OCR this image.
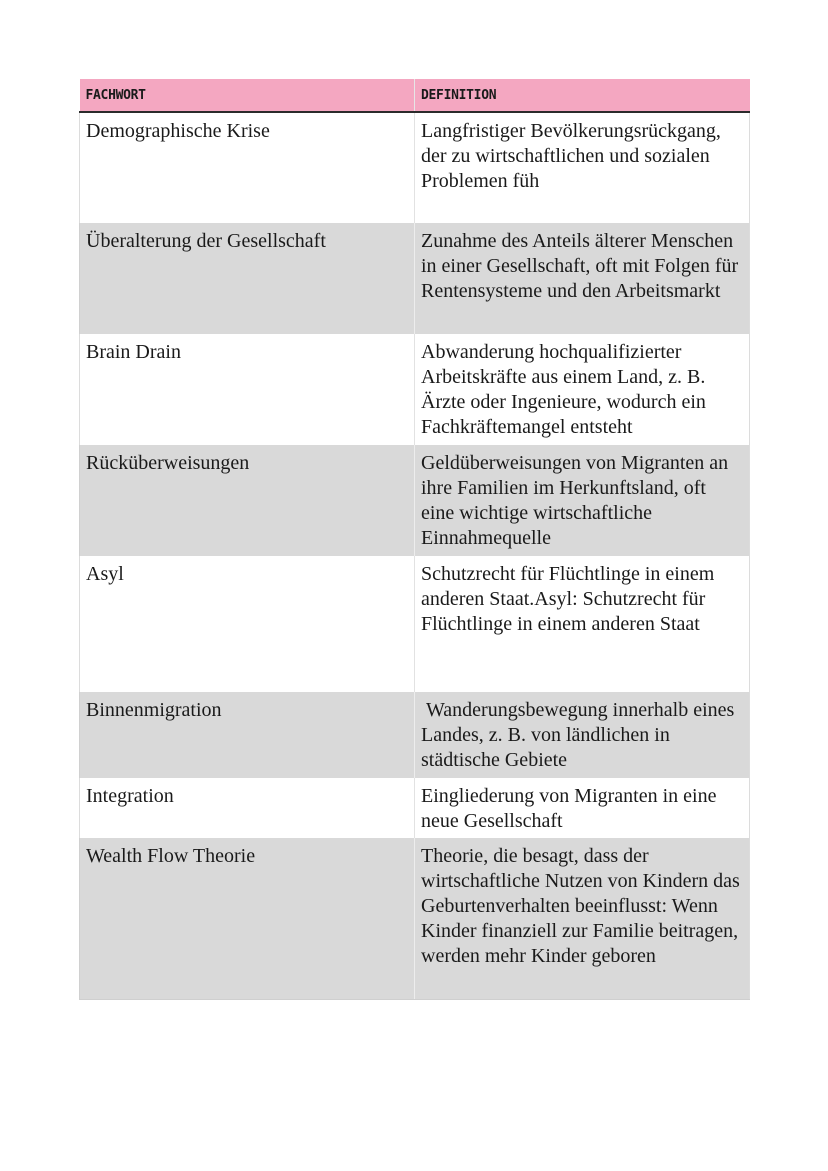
FACHWORT	DEFINITION
Demographische Krise	Langfristiger Bevölkerungsrückgang, der zu wirtschaftlichen und sozialen Problemen füh
Überalterung der Gesellschaft	Zunahme des Anteils älterer Menschen in einer Gesellschaft, oft mit Folgen für Rentensysteme und den Arbeitsmarkt
Brain Drain	Abwanderung hochqualifizierter Arbeitskräfte aus einem Land, z. B. Ärzte oder Ingenieure, wodurch ein Fachkräftemangel entsteht
Rücküberweisungen	Geldüberweisungen von Migranten an ihre Familien im Herkunftsland, oft eine wichtige wirtschaftliche Einnahmequelle
Asyl	Schutzrecht für Flüchtlinge in einem anderen Staat.Asyl: Schutzrecht für Flüchtlinge in einem anderen Staat
Binnenmigration	Wanderungsbewegung innerhalb eines Landes, z. B. von ländlichen in städtische Gebiete
Integration	Eingliederung von Migranten in eine neue Gesellschaft
Wealth Flow Theorie	Theorie, die besagt, dass der wirtschaftliche Nutzen von Kindern das Geburtenverhalten beeinflusst: Wenn Kinder finanziell zur Familie beitragen, werden mehr Kinder geboren
